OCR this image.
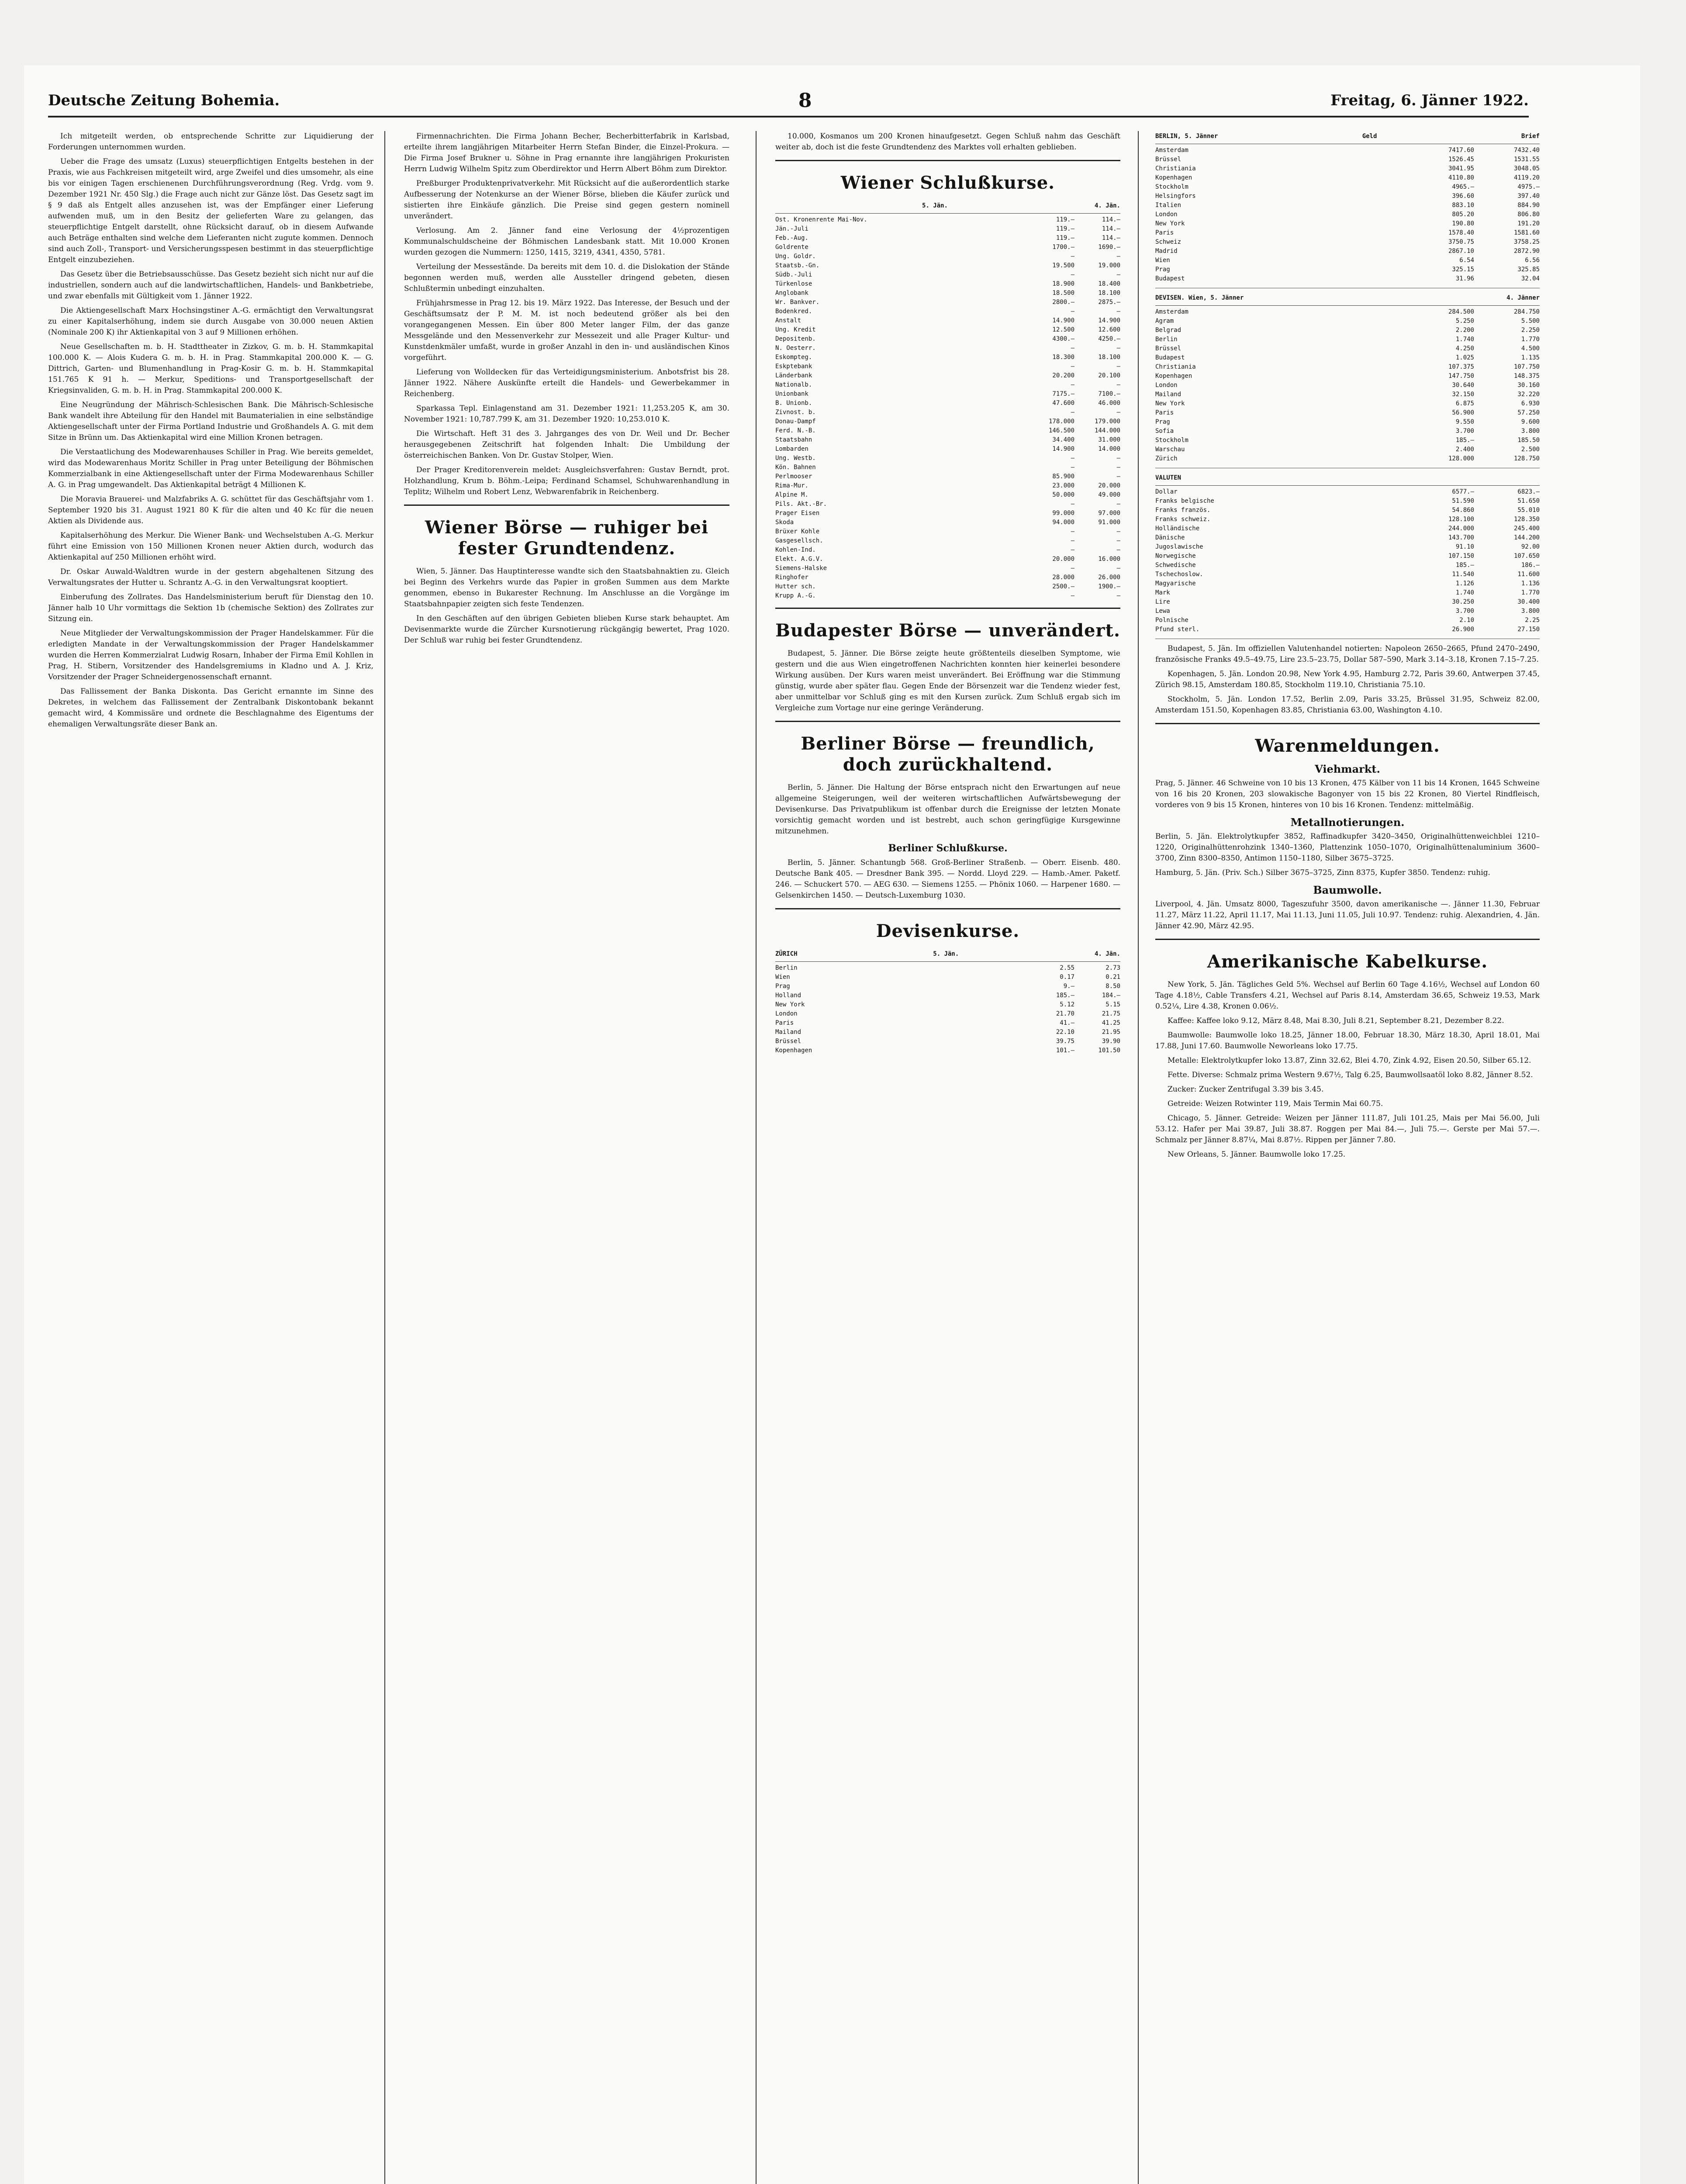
Deutsche Zeitung Bohemia.	8	Freitag, 6. Jänner 1922.

Ich mitgeteilt werden, ob entsprechende Schritte zur Liquidierung der Forderungen unternommen wurden.

Ueber die Frage des umsatz (Luxus) steuerpflichtigen Entgelts bestehen in der Praxis, wie aus Fachkreisen mitgeteilt wird, arge Zweifel und dies umsomehr, als eine bis vor einigen Tagen erschienenen Durchführungsverordnung (Reg. Vrdg. vom 9. Dezember 1921 Nr. 450 Slg.) die Frage auch nicht zur Gänze löst. Das Gesetz sagt im § 9 daß als Entgelt alles anzusehen ist, was der Empfänger einer Lieferung aufwenden muß, um in den Besitz der gelieferten Ware zu gelangen, das steuerpflichtige Entgelt darstellt, ohne Rücksicht darauf, ob in diesem Aufwande auch Beträge enthalten sind welche dem Lieferanten nicht zugute kommen. Dennoch sind auch Zoll-, Transport- und Versicherungsspesen bestimmt in das steuerpflichtige Entgelt einzubeziehen.

Das Gesetz über die Betriebsausschüsse. Das Gesetz bezieht sich nicht nur auf die industriellen, sondern auch auf die landwirtschaftlichen, Handels- und Bankbetriebe, und zwar ebenfalls mit Gültigkeit vom 1. Jänner 1922.

Die Aktiengesellschaft Marx Hochsingstiner A.-G. ermächtigt den Verwaltungsrat zu einer Kapitalserhöhung, indem sie durch Ausgabe von 30.000 neuen Aktien (Nominale 200 K) ihr Aktienkapital von 3 auf 9 Millionen erhöhen.

Neue Gesellschaften m. b. H. Stadttheater in Zizkov, G. m. b. H. Stammkapital 100.000 K. — Alois Kudera G. m. b. H. in Prag. Stammkapital 200.000 K. — G. Dittrich, Garten- und Blumenhandlung in Prag-Kosir G. m. b. H. Stammkapital 151.765 K 91 h. — Merkur, Speditions- und Transportgesellschaft der Kriegsinvaliden, G. m. b. H. in Prag. Stammkapital 200.000 K.

Eine Neugründung der Mährisch-Schlesischen Bank. Die Mährisch-Schlesische Bank wandelt ihre Abteilung für den Handel mit Baumaterialien in eine selbständige Aktiengesellschaft unter der Firma Portland Industrie und Großhandels A. G. mit dem Sitze in Brünn um. Das Aktienkapital wird eine Million Kronen betragen.

Die Verstaatlichung des Modewarenhauses Schiller in Prag. Wie bereits gemeldet, wird das Modewarenhaus Moritz Schiller in Prag unter Beteiligung der Böhmischen Kommerzialbank in eine Aktiengesellschaft unter der Firma Modewarenhaus Schiller A. G. in Prag umgewandelt. Das Aktienkapital beträgt 4 Millionen K.

Die Moravia Brauerei- und Malzfabriks A. G. schüttet für das Geschäftsjahr vom 1. September 1920 bis 31. August 1921 80 K für die alten und 40 Kc für die neuen Aktien als Dividende aus.

Kapitalserhöhung des Merkur. Die Wiener Bank- und Wechselstuben A.-G. Merkur führt eine Emission von 150 Millionen Kronen neuer Aktien durch, wodurch das Aktienkapital auf 250 Millionen erhöht wird.

Dr. Oskar Auwald-Waldtren wurde in der gestern abgehaltenen Sitzung des Verwaltungsrates der Hutter u. Schrantz A.-G. in den Verwaltungsrat kooptiert.

Einberufung des Zollrates. Das Handelsministerium beruft für Dienstag den 10. Jänner halb 10 Uhr vormittags die Sektion 1b (chemische Sektion) des Zollrates zur Sitzung ein.

Neue Mitglieder der Verwaltungskommission der Prager Handelskammer. Für die erledigten Mandate in der Verwaltungskommission der Prager Handelskammer wurden die Herren Kommerzialrat Ludwig Rosarn, Inhaber der Firma Emil Kohllen in Prag, H. Stibern, Vorsitzender des Handelsgremiums in Kladno und A. J. Kriz, Vorsitzender der Prager Schneidergenossenschaft ernannt.

Das Fallissement der Banka Diskonta. Das Gericht ernannte im Sinne des Dekretes, in welchem das Fallissement der Zentralbank Diskontobank bekannt gemacht wird, 4 Kommissäre und ordnete die Beschlagnahme des Eigentums der ehemaligen Verwaltungsräte dieser Bank an.

Firmennachrichten. Die Firma Johann Becher, Becherbitterfabrik in Karlsbad, erteilte ihrem langjährigen Mitarbeiter Herrn Stefan Binder, die Einzel-Prokura. — Die Firma Josef Brukner u. Söhne in Prag ernannte ihre langjährigen Prokuristen Herrn Ludwig Wilhelm Spitz zum Oberdirektor und Herrn Albert Böhm zum Direktor.

Preßburger Produktenprivatverkehr. Mit Rücksicht auf die außerordentlich starke Aufbesserung der Notenkurse an der Wiener Börse, blieben die Käufer zurück und sistierten ihre Einkäufe gänzlich. Die Preise sind gegen gestern nominell unverändert.

Verlosung. Am 2. Jänner fand eine Verlosung der 4½prozentigen Kommunalschuldscheine der Böhmischen Landesbank statt. Mit 10.000 Kronen wurden gezogen die Nummern: 1250, 1415, 3219, 4341, 4350, 5781.

Verteilung der Messestände. Da bereits mit dem 10. d. die Dislokation der Stände begonnen werden muß, werden alle Aussteller dringend gebeten, diesen Schlußtermin unbedingt einzuhalten.

Frühjahrsmesse in Prag 12. bis 19. März 1922. Das Interesse, der Besuch und der Geschäftsumsatz der P. M. M. ist noch bedeutend größer als bei den vorangegangenen Messen. Ein über 800 Meter langer Film, der das ganze Messgelände und den Messenverkehr zur Messezeit und alle Prager Kultur- und Kunstdenkmäler umfaßt, wurde in großer Anzahl in den in- und ausländischen Kinos vorgeführt.

Lieferung von Wolldecken für das Verteidigungsministerium. Anbotsfrist bis 28. Jänner 1922. Nähere Auskünfte erteilt die Handels- und Gewerbekammer in Reichenberg.

Sparkassa Tepl. Einlagenstand am 31. Dezember 1921: 11,253.205 K, am 30. November 1921: 10,787.799 K, am 31. Dezember 1920: 10,253.010 K.

Die Wirtschaft. Heft 31 des 3. Jahrganges des von Dr. Weil und Dr. Becher herausgegebenen Zeitschrift hat folgenden Inhalt: Die Umbildung der österreichischen Banken. Von Dr. Gustav Stolper, Wien.

Der Prager Kreditorenverein meldet: Ausgleichsverfahren: Gustav Berndt, prot. Holzhandlung, Krum b. Böhm.-Leipa; Ferdinand Schamsel, Schuhwarenhandlung in Teplitz; Wilhelm und Robert Lenz, Webwarenfabrik in Reichenberg.

Wiener Börse — ruhiger bei fester Grundtendenz.

Wien, 5. Jänner. Das Hauptinteresse wandte sich den Staatsbahnaktien zu. Gleich bei Beginn des Verkehrs wurde das Papier in großen Summen aus dem Markte genommen, ebenso in Bukarester Rechnung. Im Anschlusse an die Vorgänge im Staatsbahnpapier zeigten sich feste Tendenzen.

In den Geschäften auf den übrigen Gebieten blieben Kurse stark behauptet. Am Devisenmarkte wurde die Zürcher Kursnotierung rückgängig bewertet, Prag 1020. Der Schluß war ruhig bei fester Grundtendenz.

10.000, Kosmanos um 200 Kronen hinaufgesetzt. Gegen Schluß nahm das Geschäft weiter ab, doch ist die feste Grundtendenz des Marktes voll erhalten geblieben.

Wiener Schlußkurse.
5. Jän.	4. Jän.
Ost. Kronenrente Mai-Nov.	119.—	114.—
Jän.-Juli	119.—	114.—
Feb.-Aug.	119.—	114.—
Goldrente	1700.—	1690.—
Ung. Goldr.	—	—
Staatsb.-Gn.	19.500	19.000
Südb.-Juli	—	—
Türkenlose	18.900	18.400
Anglobank	18.500	18.100
Wr. Bankver.	2800.—	2875.—
Bodenkred.	—	—
Anstalt	14.900	14.900
Ung. Kredit	12.500	12.600
Depositenb.	4300.—	4250.—
N. Oesterr.	—	—
Eskompteg.	18.300	18.100
Eskptebank	—	—
Länderbank	20.200	20.100
Nationalb.	—	—
Unionbank	7175.—	7100.—
B. Unionb.	47.600	46.000
Zivnost. b.	—	—
Donau-Dampf	178.000	179.000
Ferd. N.-B.	146.500	144.000
Staatsbahn	34.400	31.000
Lombarden	14.900	14.000
Ung. Westb.	—	—
Kön. Bahnen	—	—
Perlmooser	85.900	—
Rima-Mur.	23.000	20.000
Alpine M.	50.000	49.000
Pils. Akt.-Br.	—	—
Prager Eisen	99.000	97.000
Skoda	94.000	91.000
Brüxer Kohle	—	—
Gasgesellsch.	—	—
Kohlen-Ind.	—	—
Elekt. A.G.V.	20.000	16.000
Siemens-Halske	—	—
Ringhofer	28.000	26.000
Hutter sch.	2500.—	1900.—
Krupp A.-G.	—	—
Budapester Börse — unverändert.

Budapest, 5. Jänner. Die Börse zeigte heute größtenteils dieselben Symptome, wie gestern und die aus Wien eingetroffenen Nachrichten konnten hier keinerlei besondere Wirkung ausüben. Der Kurs waren meist unverändert. Bei Eröffnung war die Stimmung günstig, wurde aber später flau. Gegen Ende der Börsenzeit war die Tendenz wieder fest, aber unmittelbar vor Schluß ging es mit den Kursen zurück. Zum Schluß ergab sich im Vergleiche zum Vortage nur eine geringe Veränderung.

Berliner Börse — freundlich, doch zurückhaltend.

Berlin, 5. Jänner. Die Haltung der Börse entsprach nicht den Erwartungen auf neue allgemeine Steigerungen, weil der weiteren wirtschaftlichen Aufwärtsbewegung der Devisenkurse. Das Privatpublikum ist offenbar durch die Ereignisse der letzten Monate vorsichtig gemacht worden und ist bestrebt, auch schon geringfügige Kursgewinne mitzunehmen.

Berliner Schlußkurse.

Berlin, 5. Jänner. Schantungb 568. Groß-Berliner Straßenb. — Oberr. Eisenb. 480. Deutsche Bank 405. — Dresdner Bank 395. — Nordd. Lloyd 229. — Hamb.-Amer. Paketf. 246. — Schuckert 570. — AEG 630. — Siemens 1255. — Phönix 1060. — Harpener 1680. — Gelsenkirchen 1450. — Deutsch-Luxemburg 1030.

Devisenkurse.
ZÜRICH	5. Jän.	4. Jän.
Berlin	2.55	2.73
Wien	0.17	0.21
Prag	9.—	8.50
Holland	185.—	184.—
New York	5.12	5.15
London	21.70	21.75
Paris	41.—	41.25
Mailand	22.10	21.95
Brüssel	39.75	39.90
Kopenhagen	101.—	101.50
BERLIN, 5. Jänner	Geld	Brief
Amsterdam	7417.60	7432.40
Brüssel	1526.45	1531.55
Christiania	3041.95	3048.05
Kopenhagen	4110.80	4119.20
Stockholm	4965.—	4975.—
Helsingfors	396.60	397.40
Italien	883.10	884.90
London	805.20	806.80
New York	190.80	191.20
Paris	1578.40	1581.60
Schweiz	3750.75	3758.25
Madrid	2867.10	2872.90
Wien	6.54	6.56
Prag	325.15	325.85
Budapest	31.96	32.04
DEVISEN. Wien, 5. Jänner	4. Jänner
Amsterdam	284.500	284.750
Agram	5.250	5.500
Belgrad	2.200	2.250
Berlin	1.740	1.770
Brüssel	4.250	4.500
Budapest	1.025	1.135
Christiania	107.375	107.750
Kopenhagen	147.750	148.375
London	30.640	30.160
Mailand	32.150	32.220
New York	6.875	6.930
Paris	56.900	57.250
Prag	9.550	9.600
Sofia	3.700	3.800
Stockholm	185.—	185.50
Warschau	2.400	2.500
Zürich	128.000	128.750
VALUTEN
Dollar	6577.—	6823.—
Franks belgische	51.590	51.650
Franks französ.	54.860	55.010
Franks schweiz.	128.100	128.350
Holländische	244.000	245.400
Dänische	143.700	144.200
Jugoslawische	91.10	92.00
Norwegische	107.150	107.650
Schwedische	185.—	186.—
Tschechoslow.	11.540	11.600
Magyarische	1.126	1.136
Mark	1.740	1.770
Lire	30.250	30.400
Lewa	3.700	3.800
Polnische	2.10	2.25
Pfund sterl.	26.900	27.150

Budapest, 5. Jän. Im offiziellen Valutenhandel notierten: Napoleon 2650–2665, Pfund 2470–2490, französische Franks 49.5–49.75, Lire 23.5–23.75, Dollar 587–590, Mark 3.14–3.18, Kronen 7.15–7.25.

Kopenhagen, 5. Jän. London 20.98, New York 4.95, Hamburg 2.72, Paris 39.60, Antwerpen 37.45, Zürich 98.15, Amsterdam 180.85, Stockholm 119.10, Christiania 75.10.

Stockholm, 5. Jän. London 17.52, Berlin 2.09, Paris 33.25, Brüssel 31.95, Schweiz 82.00, Amsterdam 151.50, Kopenhagen 83.85, Christiania 63.00, Washington 4.10.

Warenmeldungen.
Viehmarkt.

Prag, 5. Jänner. 46 Schweine von 10 bis 13 Kronen, 475 Kälber von 11 bis 14 Kronen, 1645 Schweine von 16 bis 20 Kronen, 203 slowakische Bagonyer von 15 bis 22 Kronen, 80 Viertel Rindfleisch, vorderes von 9 bis 15 Kronen, hinteres von 10 bis 16 Kronen. Tendenz: mittelmäßig.

Metallnotierungen.

Berlin, 5. Jän. Elektrolytkupfer 3852, Raffinadkupfer 3420–3450, Originalhüttenweichblei 1210–1220, Originalhüttenrohzink 1340–1360, Plattenzink 1050–1070, Originalhüttenaluminium 3600–3700, Zinn 8300–8350, Antimon 1150–1180, Silber 3675–3725.

Hamburg, 5. Jän. (Priv. Sch.) Silber 3675–3725, Zinn 8375, Kupfer 3850. Tendenz: ruhig.

Baumwolle.

Liverpool, 4. Jän. Umsatz 8000, Tageszufuhr 3500, davon amerikanische —. Jänner 11.30, Februar 11.27, März 11.22, April 11.17, Mai 11.13, Juni 11.05, Juli 10.97. Tendenz: ruhig. Alexandrien, 4. Jän. Jänner 42.90, März 42.95.

Amerikanische Kabelkurse.

New York, 5. Jän. Tägliches Geld 5%. Wechsel auf Berlin 60 Tage 4.16½, Wechsel auf London 60 Tage 4.18½, Cable Transfers 4.21, Wechsel auf Paris 8.14, Amsterdam 36.65, Schweiz 19.53, Mark 0.52¼, Lire 4.38, Kronen 0.06½.

Kaffee: Kaffee loko 9.12, März 8.48, Mai 8.30, Juli 8.21, September 8.21, Dezember 8.22.

Baumwolle: Baumwolle loko 18.25, Jänner 18.00, Februar 18.30, März 18.30, April 18.01, Mai 17.88, Juni 17.60. Baumwolle Neworleans loko 17.75.

Metalle: Elektrolytkupfer loko 13.87, Zinn 32.62, Blei 4.70, Zink 4.92, Eisen 20.50, Silber 65.12.

Fette. Diverse: Schmalz prima Western 9.67½, Talg 6.25, Baumwollsaatöl loko 8.82, Jänner 8.52.

Zucker: Zucker Zentrifugal 3.39 bis 3.45.

Getreide: Weizen Rotwinter 119, Mais Termin Mai 60.75.

Chicago, 5. Jänner. Getreide: Weizen per Jänner 111.87, Juli 101.25, Mais per Mai 56.00, Juli 53.12. Hafer per Mai 39.87, Juli 38.87. Roggen per Mai 84.—, Juli 75.—. Gerste per Mai 57.—. Schmalz per Jänner 8.87¼, Mai 8.87½. Rippen per Jänner 7.80.

New Orleans, 5. Jänner. Baumwolle loko 17.25.
